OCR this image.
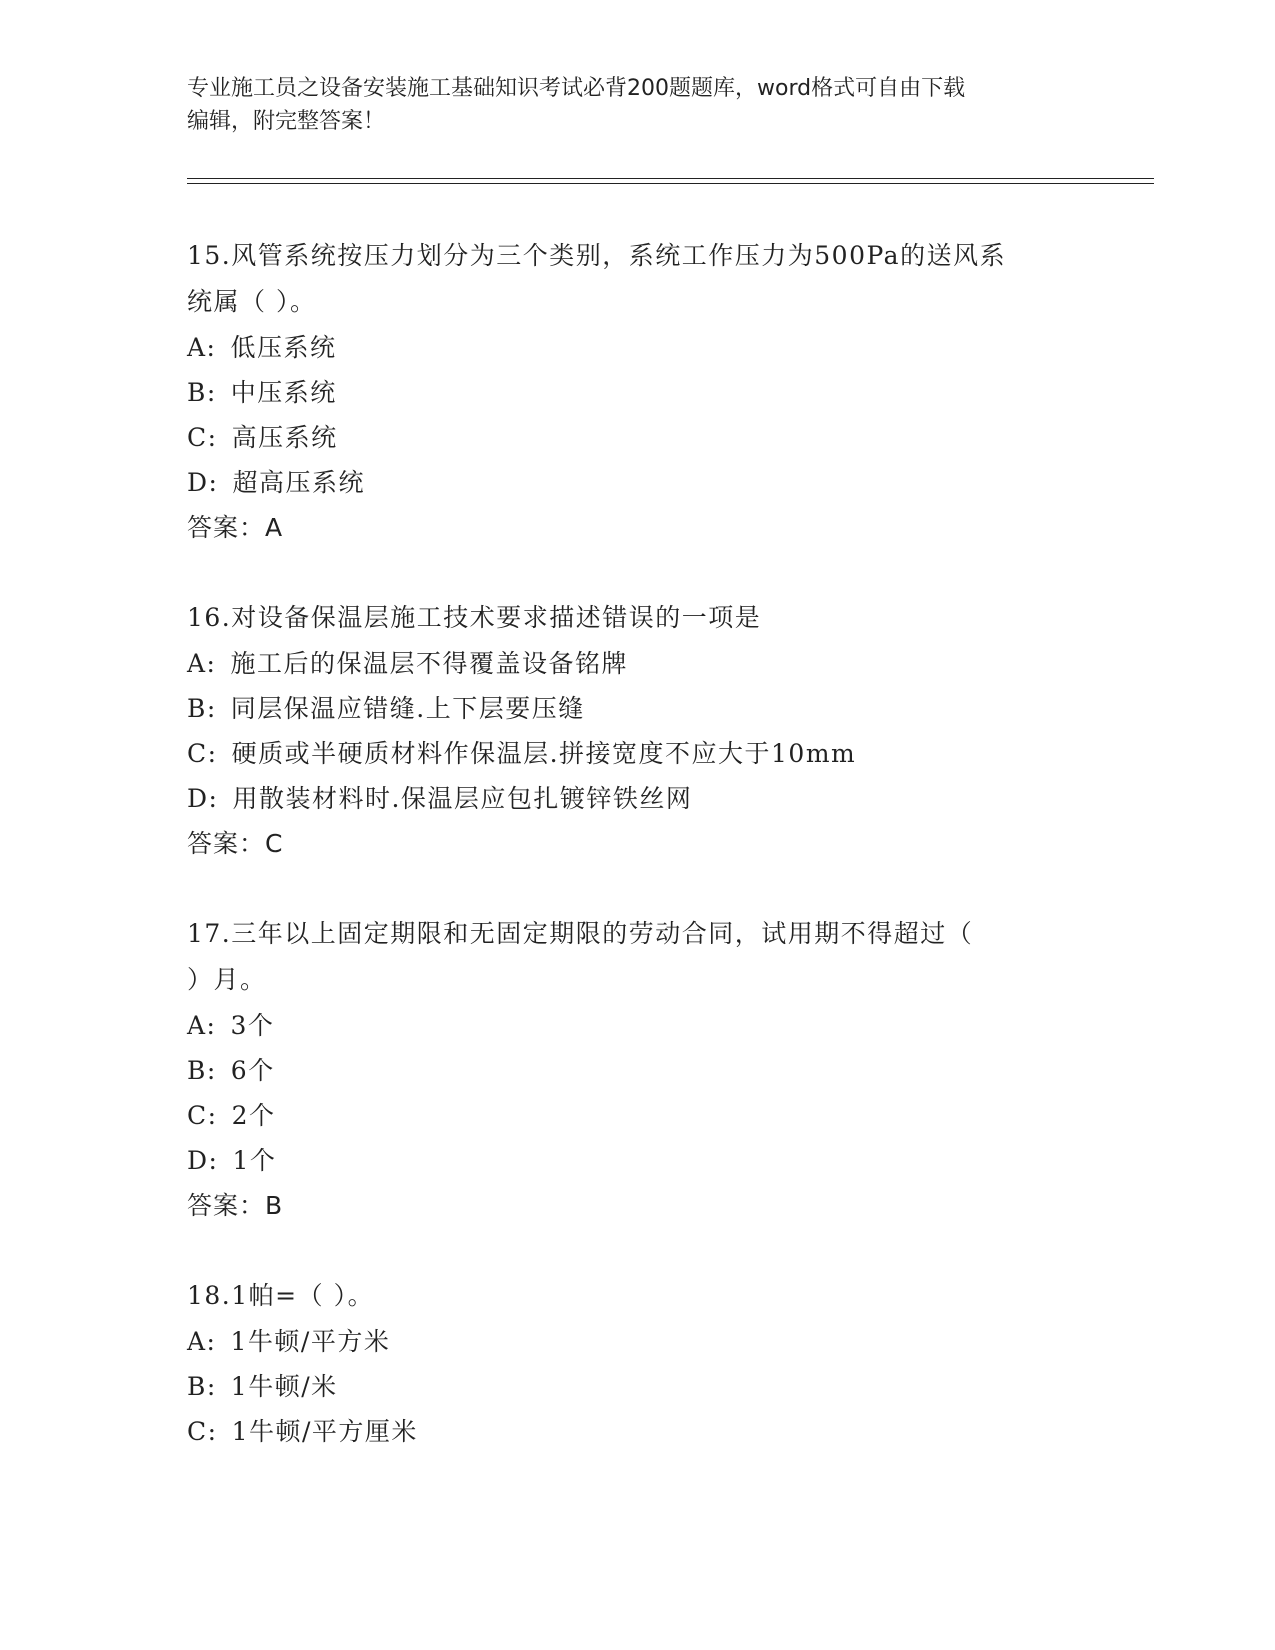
专业施工员之设备安装施工基础知识考试必背200题题库，word格式可自由下载
编辑，附完整答案！
15.风管系统按压力划分为三个类别，系统工作压力为500Pa的送风系
统属（ ）。
A: 低压系统
B: 中压系统
C: 高压系统
D: 超高压系统
答案：A
16.对设备保温层施工技术要求描述错误的一项是
A: 施工后的保温层不得覆盖设备铭牌
B: 同层保温应错缝.上下层要压缝
C: 硬质或半硬质材料作保温层.拼接宽度不应大于10mm
D: 用散装材料时.保温层应包扎镀锌铁丝网
答案：C
17.三年以上固定期限和无固定期限的劳动合同，试用期不得超过（
）月。
A: 3个
B: 6个
C: 2个
D: 1个
答案：B
18.1帕=（ ）。
A: 1牛顿/平方米
B: 1牛顿/米
C: 1牛顿/平方厘米
